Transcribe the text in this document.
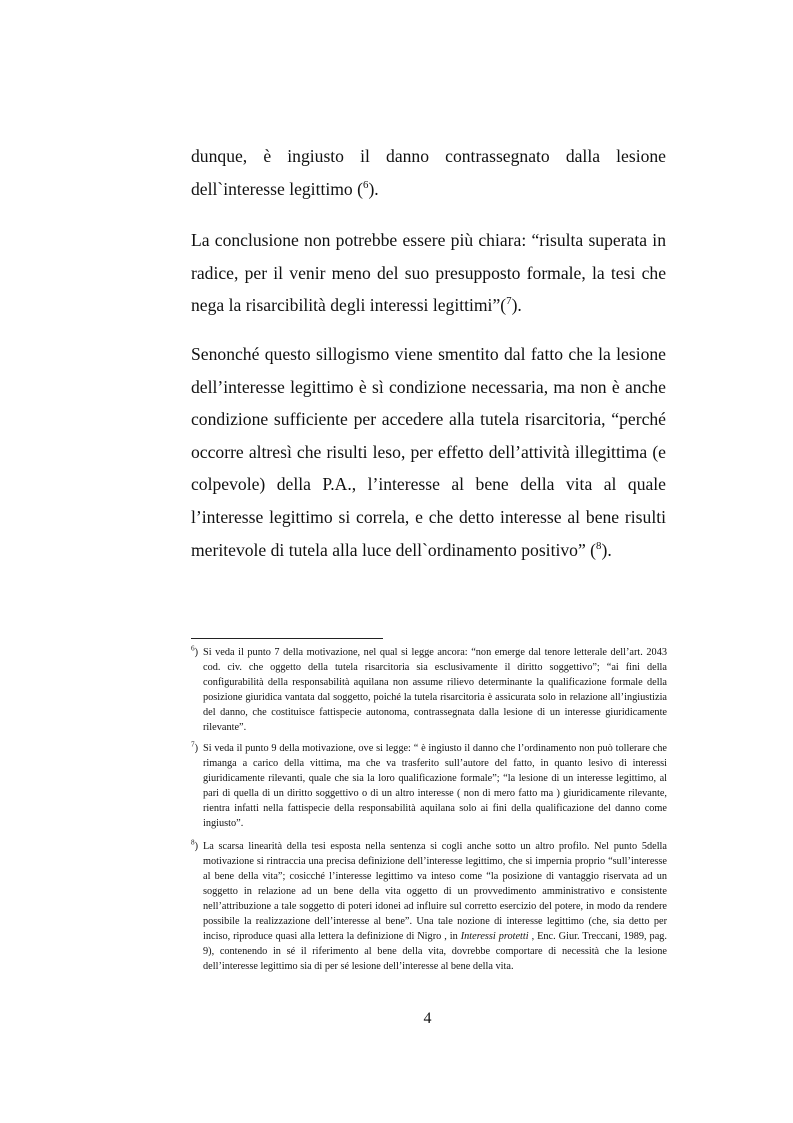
dunque, è ingiusto il danno contrassegnato dalla lesione dell`interesse legittimo ($^6$).

La conclusione non potrebbe essere più chiara: “risulta superata in radice, per il venir meno del suo presupposto formale, la tesi che nega la risarcibilità degli interessi legittimi”($^7$).

Senonché questo sillogismo viene smentito dal fatto che la lesione dell’interesse legittimo è sì condizione necessaria, ma non è anche condizione sufficiente per accedere alla tutela risarcitoria, “perché occorre altresì che risulti leso, per effetto dell’attività illegittima (e colpevole) della P.A., l’interesse al bene della vita al quale l’interesse legittimo si correla, e che detto interesse al bene risulti meritevole di tutela alla luce dell`ordinamento positivo” ($^8$).

$^6$) Si veda il punto 7 della motivazione, nel qual si legge ancora: “non emerge dal tenore letterale dell’art. 2043 cod. civ. che oggetto della tutela risarcitoria sia esclusivamente il diritto soggettivo”; “ai fini della configurabilità della responsabilità aquilana non assume rilievo determinante la qualificazione formale della posizione giuridica vantata dal soggetto, poiché la tutela risarcitoria è assicurata solo in relazione all’ingiustizia del danno, che costituisce fattispecie autonoma, contrassegnata dalla lesione di un interesse giuridicamente rilevante”.
$^7$) Si veda il punto 9 della motivazione, ove si legge: “ è ingiusto il danno che l’ordinamento non può tollerare che rimanga a carico della vittima, ma che va trasferito sull’autore del fatto, in quanto lesivo di interessi giuridicamente rilevanti, quale che sia la loro qualificazione formale”; “la lesione di un interesse legittimo, al pari di quella di un diritto soggettivo o di un altro interesse ( non di mero fatto ma ) giuridicamente rilevante, rientra infatti nella fattispecie della responsabilità aquilana solo ai fini della qualificazione del danno come ingiusto”.
$^8$) La scarsa linearità della tesi esposta nella sentenza si cogli anche sotto un altro profilo. Nel punto 5della motivazione si rintraccia una precisa definizione dell’interesse legittimo, che si impernia proprio “sull’interesse al bene della vita”; cosicché l’interesse legittimo va inteso come “la posizione di vantaggio riservata ad un soggetto in relazione ad un bene della vita oggetto di un provvedimento amministrativo e consistente nell’attribuzione a tale soggetto di poteri idonei ad influire sul corretto esercizio del potere, in modo da rendere possibile la realizzazione dell’interesse al bene”. Una tale nozione di interesse legittimo (che, sia detto per inciso, riproduce quasi alla lettera la definizione di Nigro , in Interessi protetti , Enc. Giur. Treccani, 1989, pag. 9), contenendo in sé il riferimento al bene della vita, dovrebbe comportare di necessità che la lesione dell’interesse legittimo sia di per sé lesione dell’interesse al bene della vita.
4
